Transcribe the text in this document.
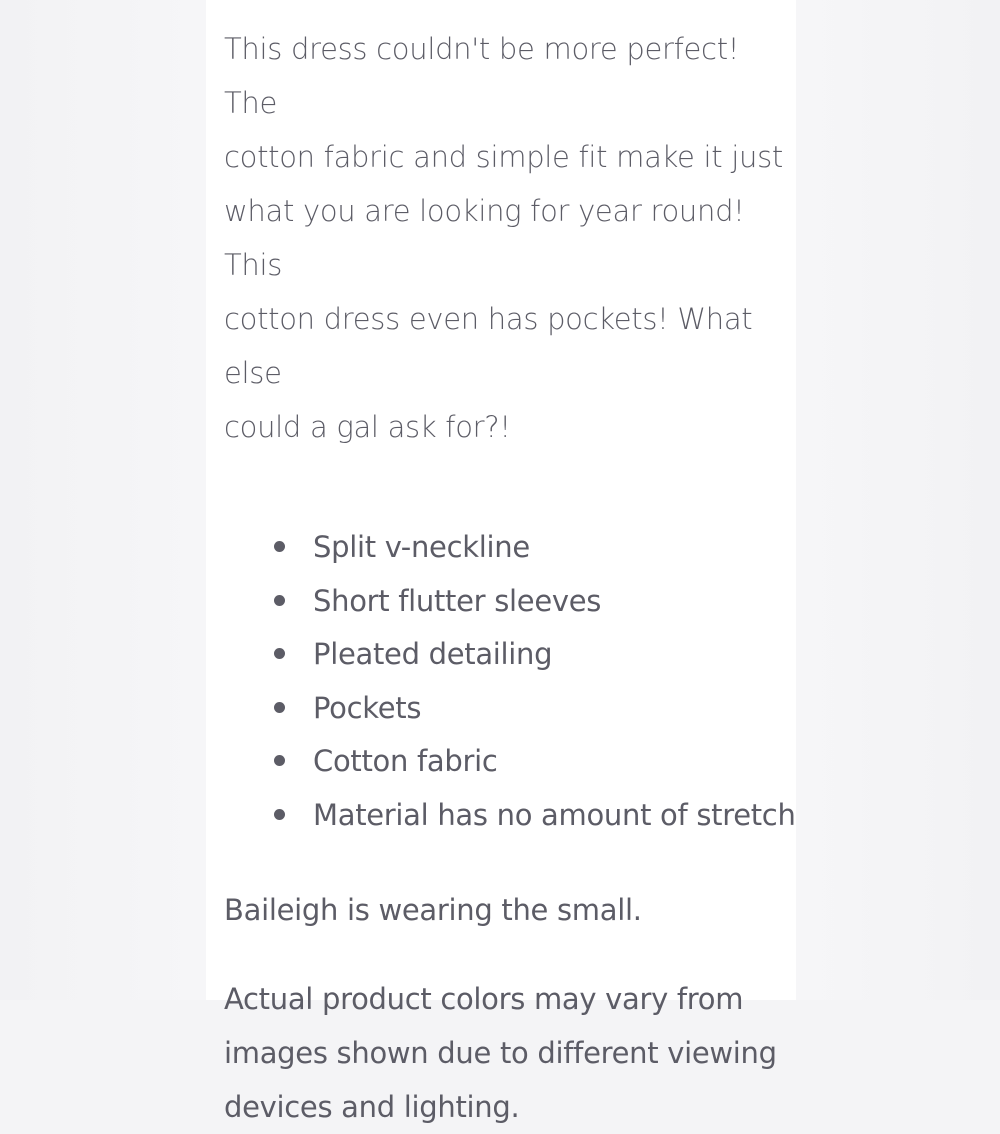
This dress couldn't be more perfect! The
cotton fabric and simple fit make it just
what you are looking for year round! This
cotton dress even has pockets! What else
could a gal ask for?!

Split v-neckline
Short flutter sleeves
Pleated detailing
Pockets
Cotton fabric
Material has no amount of stretch

Baileigh is wearing the small.

Actual product colors may vary from
images shown due to different viewing
devices and lighting.
